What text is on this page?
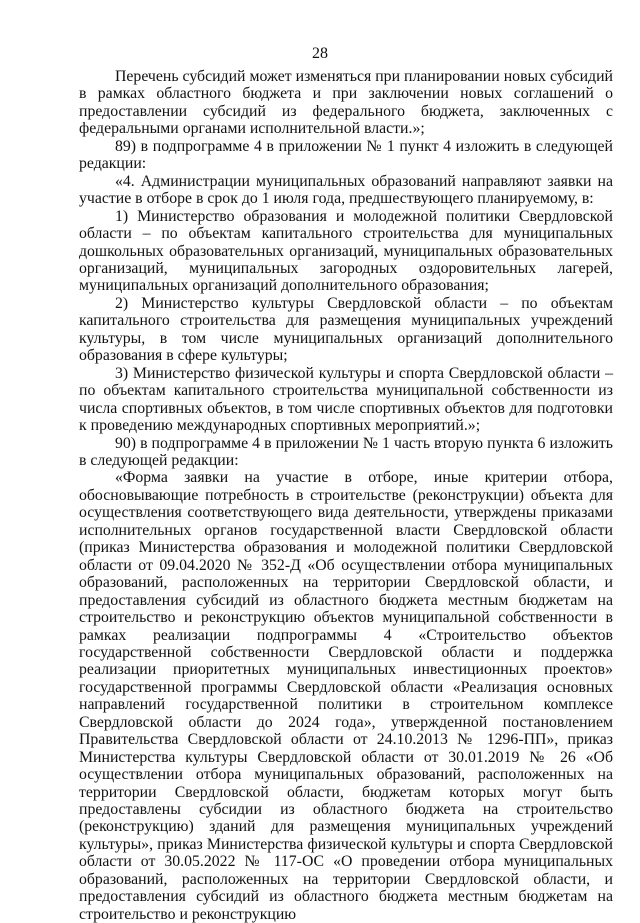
28

Перечень субсидий может изменяться при планировании новых субсидий в рамках областного бюджета и при заключении новых соглашений о предоставлении субсидий из федерального бюджета, заключенных с федеральными органами исполнительной власти.»;

89) в подпрограмме 4 в приложении № 1 пункт 4 изложить в следующей редакции:

«4. Администрации муниципальных образований направляют заявки на участие в отборе в срок до 1 июля года, предшествующего планируемому, в:

1) Министерство образования и молодежной политики Свердловской области – по объектам капитального строительства для муниципальных дошкольных образовательных организаций, муниципальных образовательных организаций, муниципальных загородных оздоровительных лагерей, муниципальных организаций дополнительного образования;

2) Министерство культуры Свердловской области – по объектам капитального строительства для размещения муниципальных учреждений культуры, в том числе муниципальных организаций дополнительного образования в сфере культуры;

3) Министерство физической культуры и спорта Свердловской области – по объектам капитального строительства муниципальной собственности из числа спортивных объектов, в том числе спортивных объектов для подготовки к проведению международных спортивных мероприятий.»;

90) в подпрограмме 4 в приложении № 1 часть вторую пункта 6 изложить в следующей редакции:

«Форма заявки на участие в отборе, иные критерии отбора, обосновывающие потребность в строительстве (реконструкции) объекта для осуществления соответствующего вида деятельности, утверждены приказами исполнительных органов государственной власти Свердловской области (приказ Министерства образования и молодежной политики Свердловской области от 09.04.2020 № 352-Д «Об осуществлении отбора муниципальных образований, расположенных на территории Свердловской области, и предоставления субсидий из областного бюджета местным бюджетам на строительство и реконструкцию объектов муниципальной собственности в рамках реализации подпрограммы 4 «Строительство объектов государственной собственности Свердловской области и поддержка реализации приоритетных муниципальных инвестиционных проектов» государственной программы Свердловской области «Реализация основных направлений государственной политики в строительном комплексе Свердловской области до 2024 года», утвержденной постановлением Правительства Свердловской области от 24.10.2013 № 1296-ПП», приказ Министерства культуры Свердловской области от 30.01.2019 № 26 «Об осуществлении отбора муниципальных образований, расположенных на территории Свердловской области, бюджетам которых могут быть предоставлены субсидии из областного бюджета на строительство (реконструкцию) зданий для размещения муниципальных учреждений культуры», приказ Министерства физической культуры и спорта Свердловской области от 30.05.2022 № 117-ОС «О проведении отбора муниципальных образований, расположенных на территории Свердловской области, и предоставления субсидий из областного бюджета местным бюджетам на строительство и реконструкцию
